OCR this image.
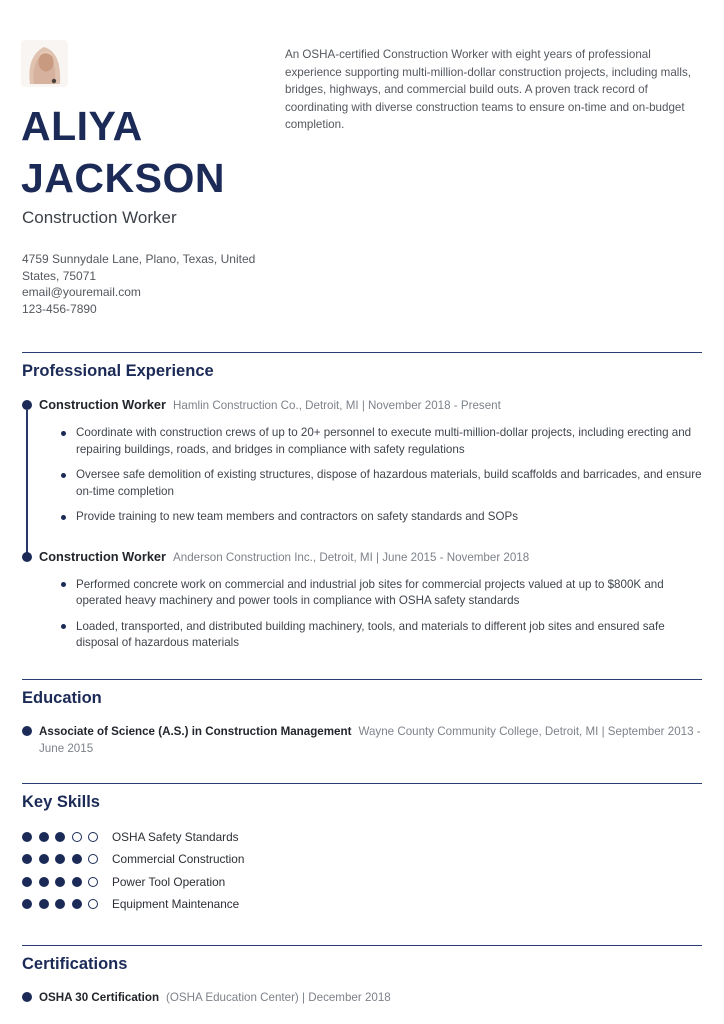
An OSHA-certified Construction Worker with eight years of professional experience supporting multi-million-dollar construction projects, including malls, bridges, highways, and commercial build outs. A proven track record of coordinating with diverse construction teams to ensure on-time and on-budget completion.

ALIYA
JACKSON
Construction Worker
4759 Sunnydale Lane, Plano, Texas, United
States, 75071
email@youremail.com
123-456-7890
Professional Experience
Construction Worker Hamlin Construction Co., Detroit, MI | November 2018 - Present
Coordinate with construction crews of up to 20+ personnel to execute multi-million-dollar projects, including erecting and repairing buildings, roads, and bridges in compliance with safety regulations
Oversee safe demolition of existing structures, dispose of hazardous materials, build scaffolds and barricades, and ensure on-time completion
Provide training to new team members and contractors on safety standards and SOPs
Construction Worker Anderson Construction Inc., Detroit, MI | June 2015 - November 2018
Performed concrete work on commercial and industrial job sites for commercial projects valued at up to $800K and operated heavy machinery and power tools in compliance with OSHA safety standards
Loaded, transported, and distributed building machinery, tools, and materials to different job sites and ensured safe disposal of hazardous materials
Education
Associate of Science (A.S.) in Construction Management Wayne County Community College, Detroit, MI | September 2013 - June 2015
Key Skills
OSHA Safety Standards
Commercial Construction
Power Tool Operation
Equipment Maintenance
Certifications
OSHA 30 Certification (OSHA Education Center) | December 2018
